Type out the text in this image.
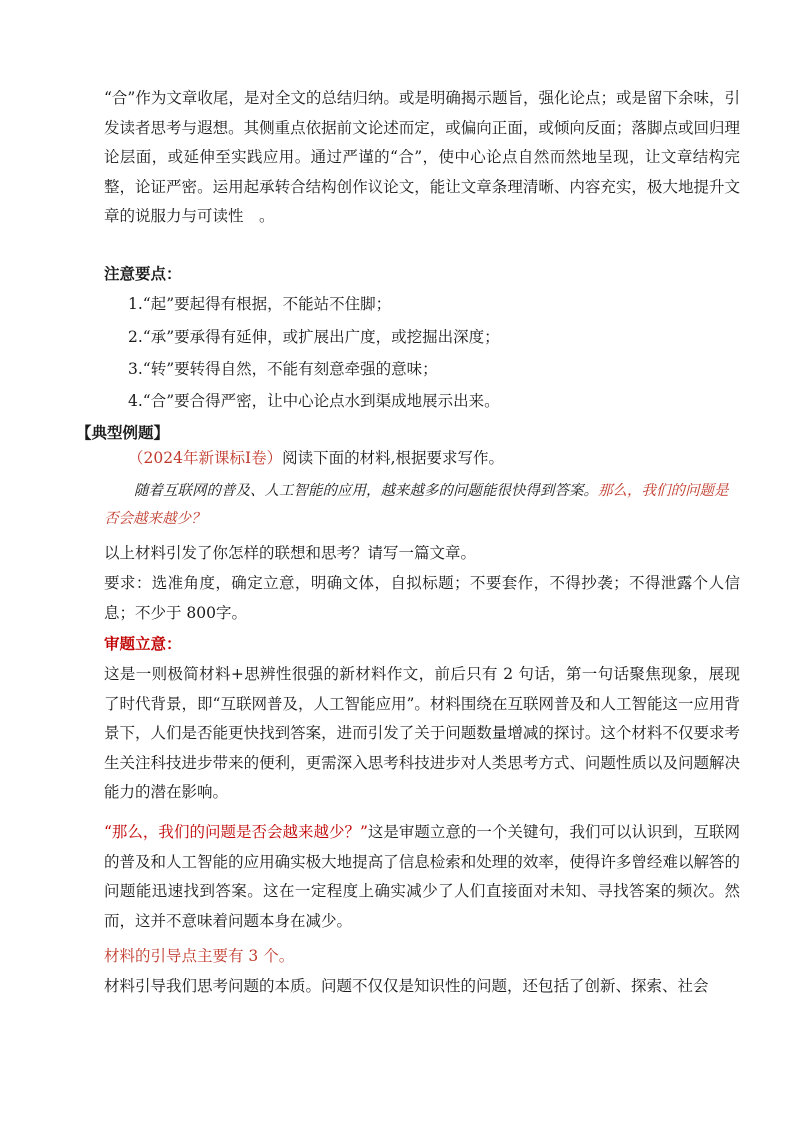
“合”作为文章收尾，是对全文的总结归纳。或是明确揭示题旨，强化论点；或是留下余味，引发读者思考与遐想。其侧重点依据前文论述而定，或偏向正面，或倾向反面；落脚点或回归理论层面，或延伸至实践应用。通过严谨的“合”，使中心论点自然而然地呈现，让文章结构完整，论证严密。运用起承转合结构创作议论文，能让文章条理清晰、内容充实，极大地提升文章的说服力与可读性　。

注意要点：

1.“起”要起得有根据，不能站不住脚；

2.“承”要承得有延伸，或扩展出广度，或挖掘出深度；

3.“转”要转得自然，不能有刻意牵强的意味；

4.“合”要合得严密，让中心论点水到渠成地展示出来。

【典型例题】

（2024年新课标Ⅰ卷）阅读下面的材料,根据要求写作。

随着互联网的普及、人工智能的应用，越来越多的问题能很快得到答案。那么，我们的问题是否会越来越少？

以上材料引发了你怎样的联想和思考？请写一篇文章。

要求：选准角度，确定立意，明确文体，自拟标题；不要套作，不得抄袭；不得泄露个人信息；不少于 800字。

审题立意：

这是一则极简材料+思辨性很强的新材料作文，前后只有 2 句话，第一句话聚焦现象，展现了时代背景，即“互联网普及，人工智能应用”。材料围绕在互联网普及和人工智能这一应用背景下，人们是否能更快找到答案，进而引发了关于问题数量增减的探讨。这个材料不仅要求考生关注科技进步带来的便利，更需深入思考科技进步对人类思考方式、问题性质以及问题解决能力的潜在影响。

“那么，我们的问题是否会越来越少？”这是审题立意的一个关键句，我们可以认识到，互联网的普及和人工智能的应用确实极大地提高了信息检索和处理的效率，使得许多曾经难以解答的问题能迅速找到答案。这在一定程度上确实减少了人们直接面对未知、寻找答案的频次。然而，这并不意味着问题本身在减少。

材料的引导点主要有 3 个。

材料引导我们思考问题的本质。问题不仅仅是知识性的问题，还包括了创新、探索、社会
